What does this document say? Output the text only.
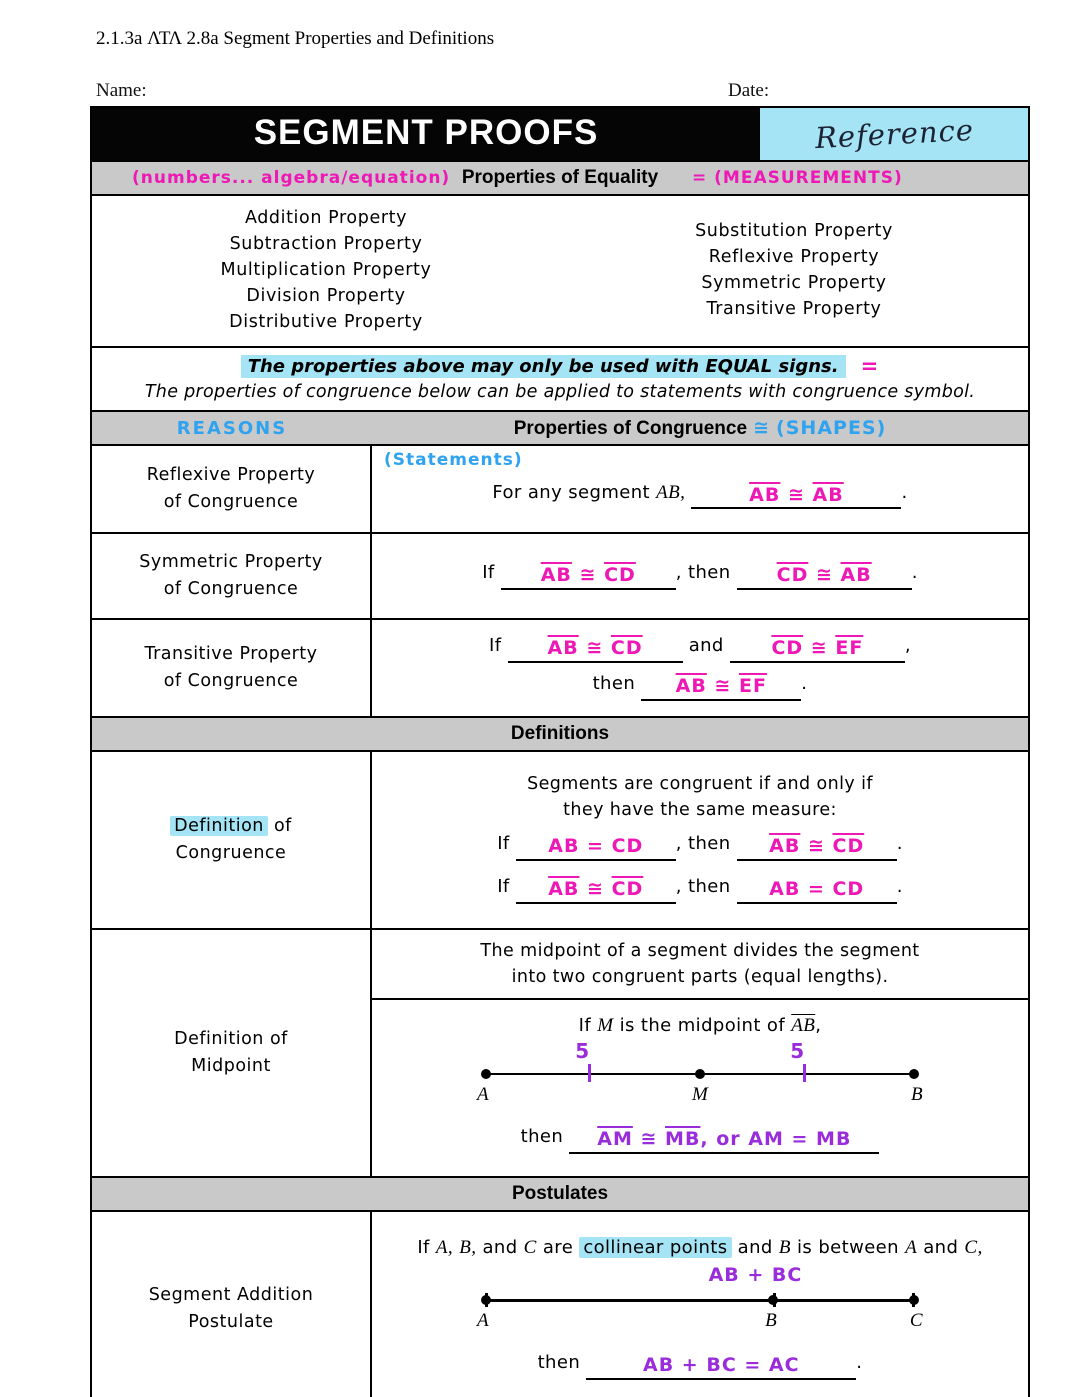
2.1.3a ΛΤΛ 2.8a Segment Properties and Definitions
Name:	Date:
SEGMENT PROOFS	Reference
(numbers... algebra/equation) Properties of Equality	= (MEASUREMENTS)
Addition Property
Subtraction Property
Multiplication Property
Division Property
Distributive Property
Substitution Property
Reflexive Property
Symmetric Property
Transitive Property
The properties above may only be used with EQUAL signs. =
The properties of congruence below can be applied to statements with congruence symbol.
REASONS	Properties of Congruence ≅ (SHAPES)
Reflexive Property
of Congruence
(Statements)
For any segment AB,	$\overline{AB}$ ≅ $\overline{AB}$	.
Symmetric Property
of Congruence
If $\overline{AB}$ ≅ $\overline{CD}$ , then $\overline{CD}$ ≅ $\overline{AB}$ .
Transitive Property
of Congruence
If $\overline{AB}$ ≅ $\overline{CD}$	and	$\overline{CD}$ ≅ $\overline{EF}$ ,
then $\overline{AB}$ ≅ $\overline{EF}$ .
Definitions
Definition of
Congruence
Segments are congruent if and only if
they have the same measure:
If AB = CD , then $\overline{AB}$ ≅ $\overline{CD}$ .
If $\overline{AB}$ ≅ $\overline{CD}$ , then AB = CD .
Definition of
Midpoint
The midpoint of a segment divides the segment
into two congruent parts (equal lengths).
If M is the midpoint of $\overline{AB}$,
5	5
A	M	B
then $\overline{AM}$ ≅ $\overline{MB}$, or AM = MB
Postulates
Segment Addition
Postulate
If A, B, and C are collinear points and B is between A and C,
AB + BC
A	B	C
then	AB + BC = AC	.
